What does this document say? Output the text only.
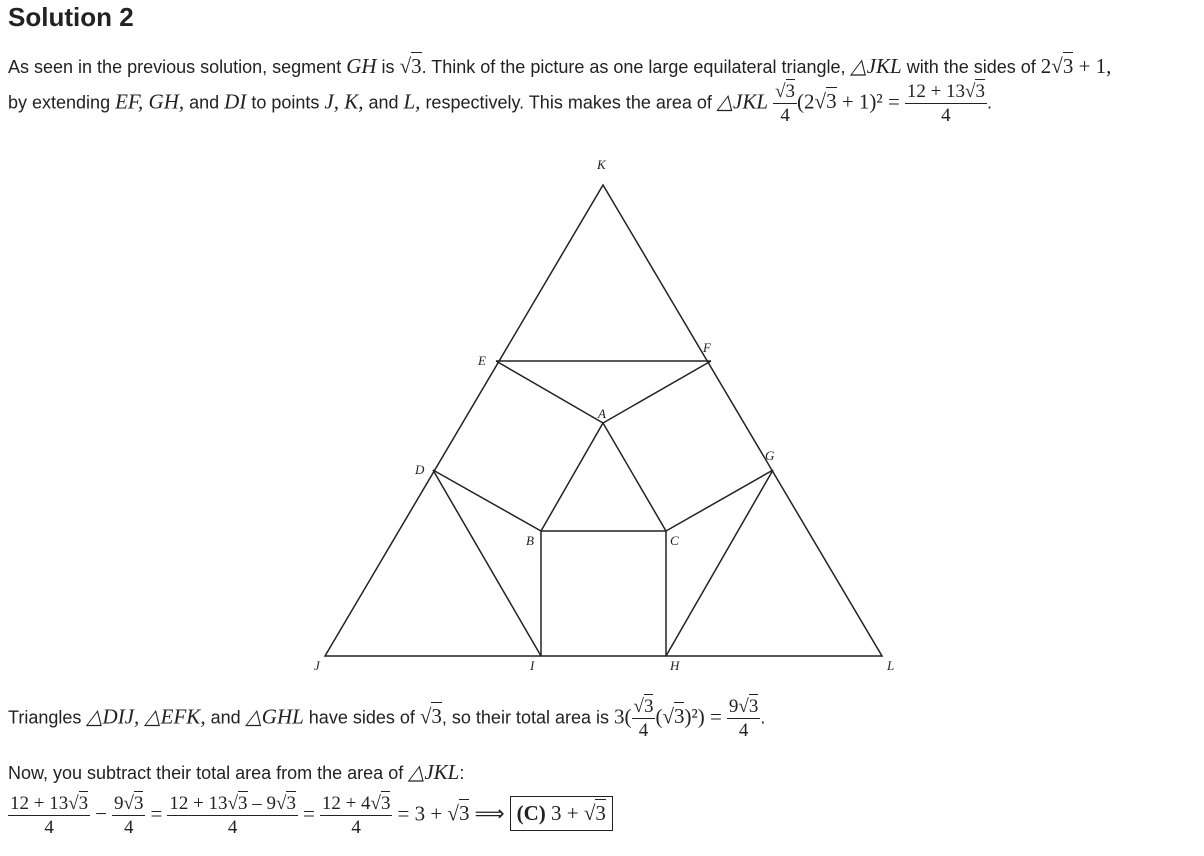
Solution 2
As seen in the previous solution, segment GH is √3. Think of the picture as one large equilateral triangle, △JKL with the sides of 2√3 + 1,
by extending EF, GH, and DI to points J, K, and L, respectively. This makes the area of △JKL $\frac{√3}{4} (2√3 + 1)^2 = \frac{12 + 13√3}{4}$ .
K
E
F
A
D
G
B	C
J	I	H	L
Triangles △DIJ, △EFK, and △GHL have sides of √3, so their total area is $3( \frac{√3}{4} (√3)^2) = \frac{9√3}{4}$ .
Now, you subtract their total area from the area of △JKL:
$\frac{12 + 13√3}{4} - \frac{9√3}{4} = \frac{12 + 13√3 - 9√3}{4} = \frac{12 + 4√3}{4} = 3 + √3$ ⟹ (C) 3 + √3
